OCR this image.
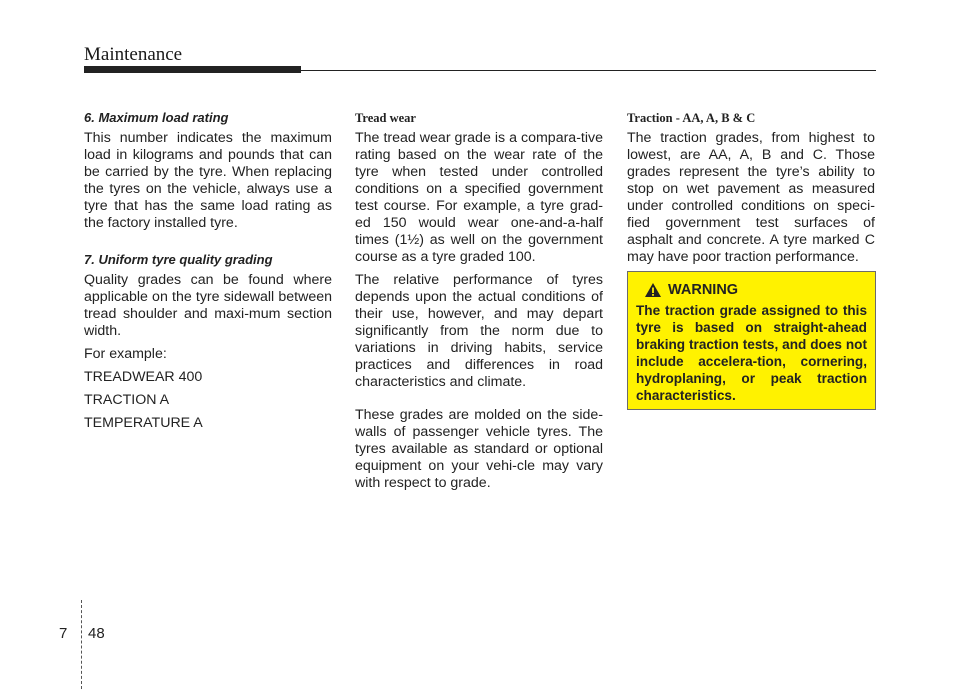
Maintenance
6. Maximum load rating

This number indicates the maximum load in kilograms and pounds that can be carried by the tyre. When replacing the tyres on the vehicle, always use a tyre that has the same load rating as the factory installed tyre.

7. Uniform tyre quality grading

Quality grades can be found where applicable on the tyre sidewall between tread shoulder and maxi-mum section width.

For example:

TREADWEAR 400

TRACTION A

TEMPERATURE A

Tread wear

The tread wear grade is a compara-tive rating based on the wear rate of the tyre when tested under controlled conditions on a specified government test course. For example, a tyre grad-ed 150 would wear one-and-a-half times (1½) as well on the government course as a tyre graded 100.

The relative performance of tyres depends upon the actual conditions of their use, however, and may depart significantly from the norm due to variations in driving habits, service practices and differences in road characteristics and climate.

These grades are molded on the side-walls of passenger vehicle tyres. The tyres available as standard or optional equipment on your vehi-cle may vary with respect to grade.

Traction - AA, A, B & C

The traction grades, from highest to lowest, are AA, A, B and C. Those grades represent the tyre’s ability to stop on wet pavement as measured under controlled conditions on speci-fied government test surfaces of asphalt and concrete. A tyre marked C may have poor traction performance.

WARNING
The traction grade assigned to this tyre is based on straight-ahead braking traction tests, and does not include accelera-tion, cornering, hydroplaning, or peak traction characteristics.
7 48
